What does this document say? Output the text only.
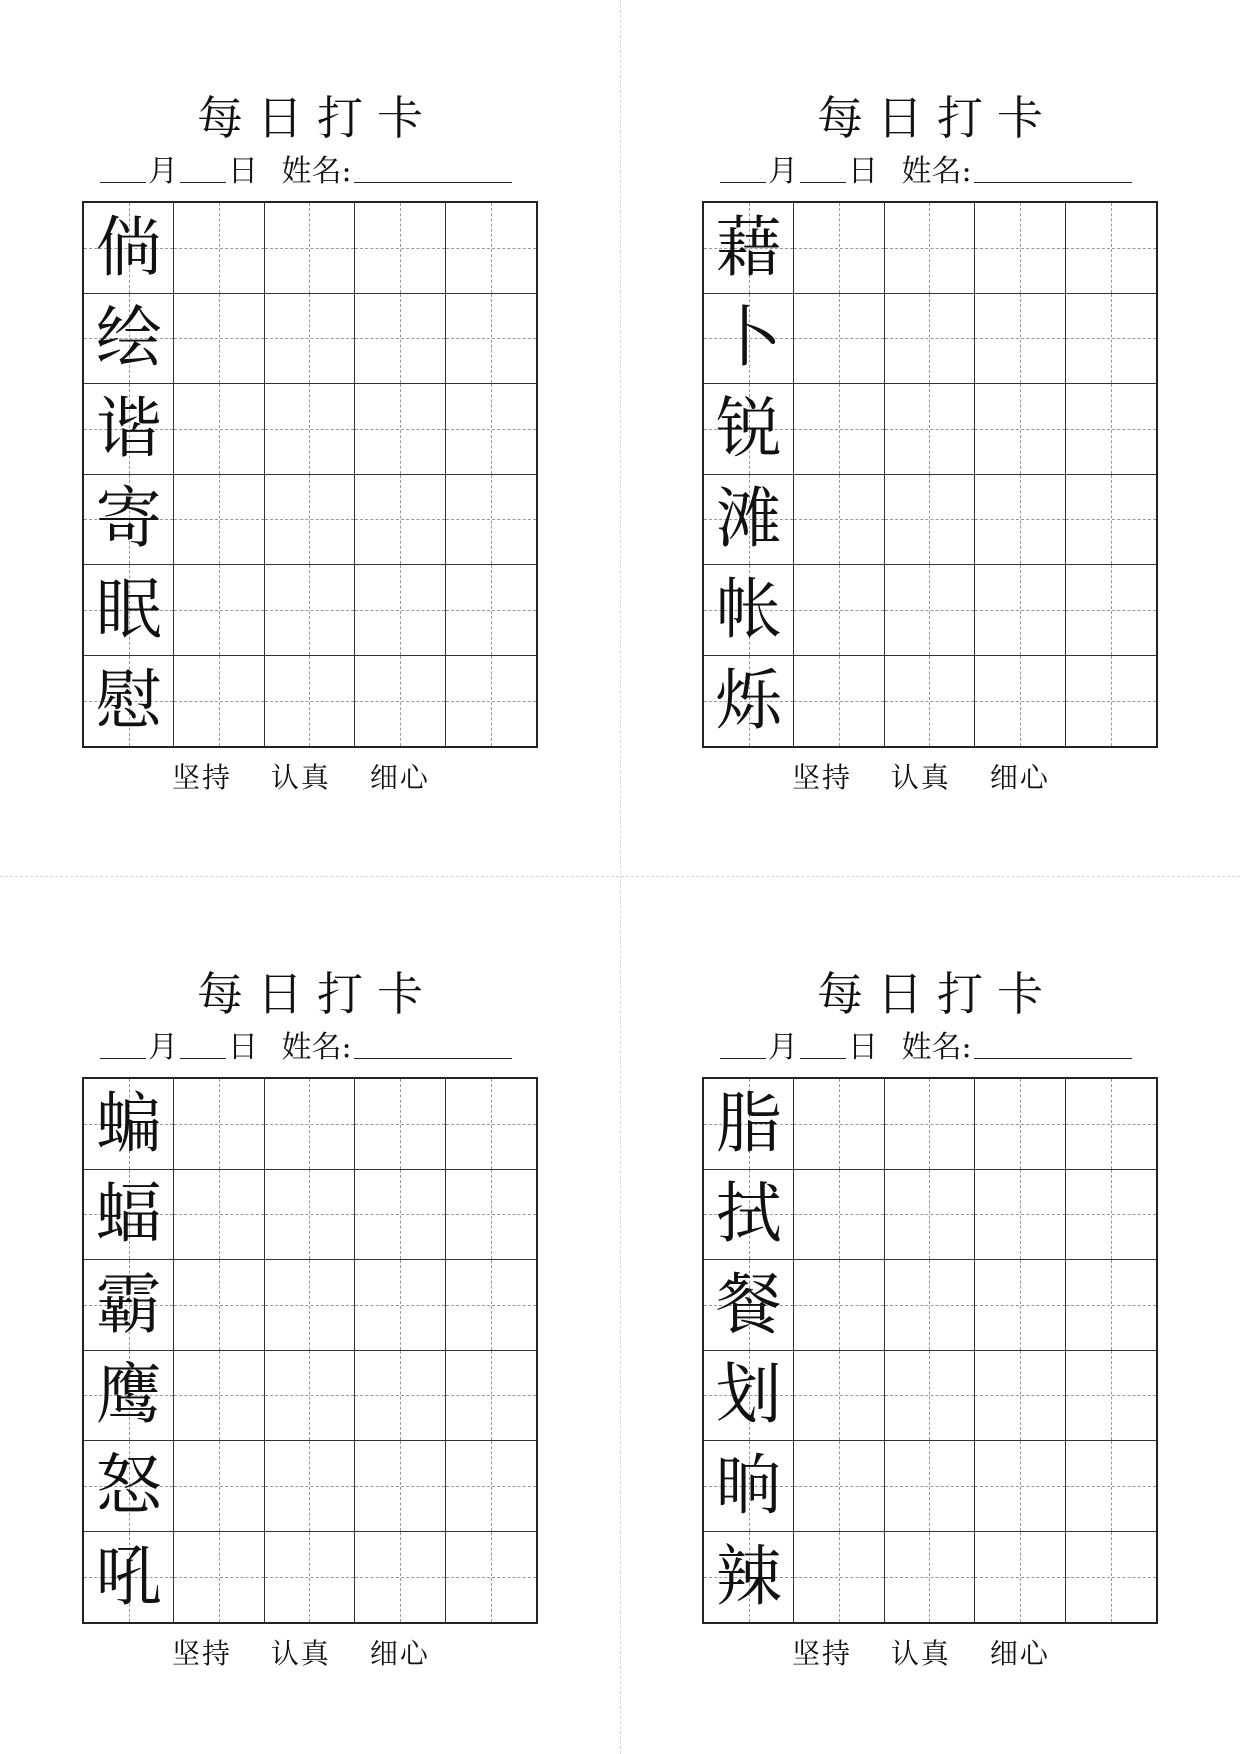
每日打卡
月 日 姓名:
倘
绘
谐
寄
眠
慰
坚持 认真 细心
每日打卡
月 日 姓名:
藉
卜
锐
滩
帐
烁
坚持 认真 细心
每日打卡
月 日 姓名:
蝙
蝠
霸
鹰
怒
吼
坚持 认真 细心
每日打卡
月 日 姓名:
脂
拭
餐
划
晌
辣
坚持 认真 细心
